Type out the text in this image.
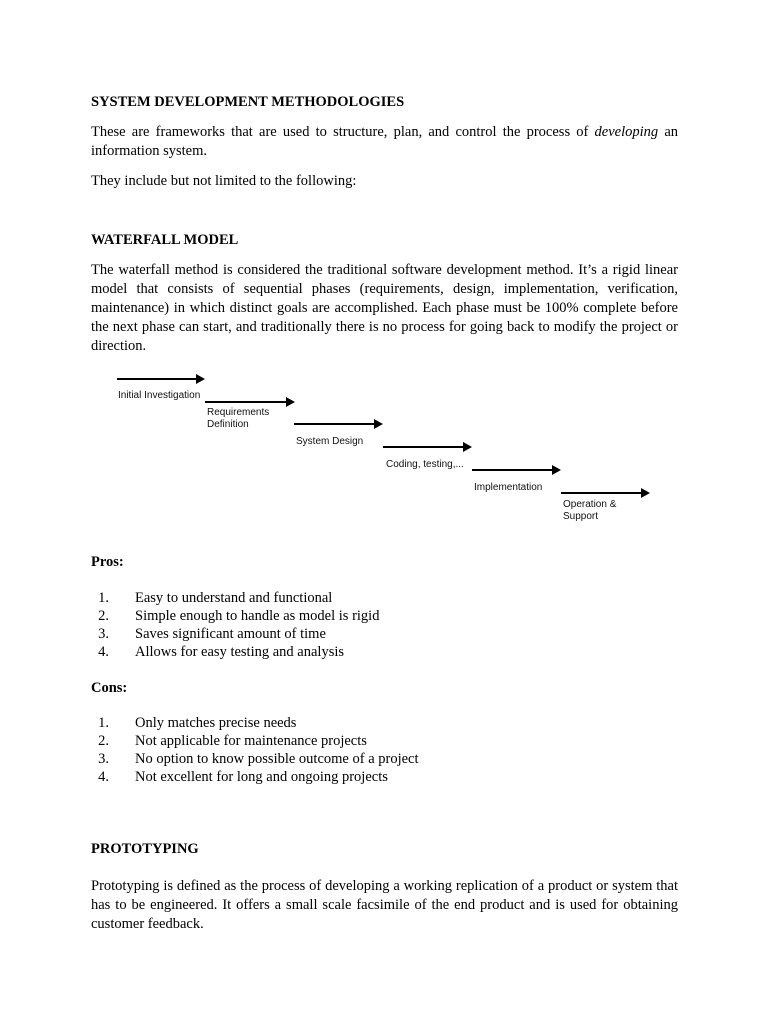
SYSTEM DEVELOPMENT METHODOLOGIES

These are frameworks that are used to structure, plan, and control the process of developing an information system.

They include but not limited to the following:

WATERFALL MODEL

The waterfall method is considered the traditional software development method. It’s a rigid linear model that consists of sequential phases (requirements, design, implementation, verification, maintenance) in which distinct goals are accomplished. Each phase must be 100% complete before the next phase can start, and traditionally there is no process for going back to modify the project or direction.

Initial Investigation
Requirements
Definition
System Design
Coding, testing,...
Implementation
Operation &
Support
Pros:
1. Easy to understand and functional
2. Simple enough to handle as model is rigid
3. Saves significant amount of time
4. Allows for easy testing and analysis
Cons:
1. Only matches precise needs
2. Not applicable for maintenance projects
3. No option to know possible outcome of a project
4. Not excellent for long and ongoing projects
PROTOTYPING

Prototyping is defined as the process of developing a working replication of a product or system that has to be engineered. It offers a small scale facsimile of the end product and is used for obtaining customer feedback.
